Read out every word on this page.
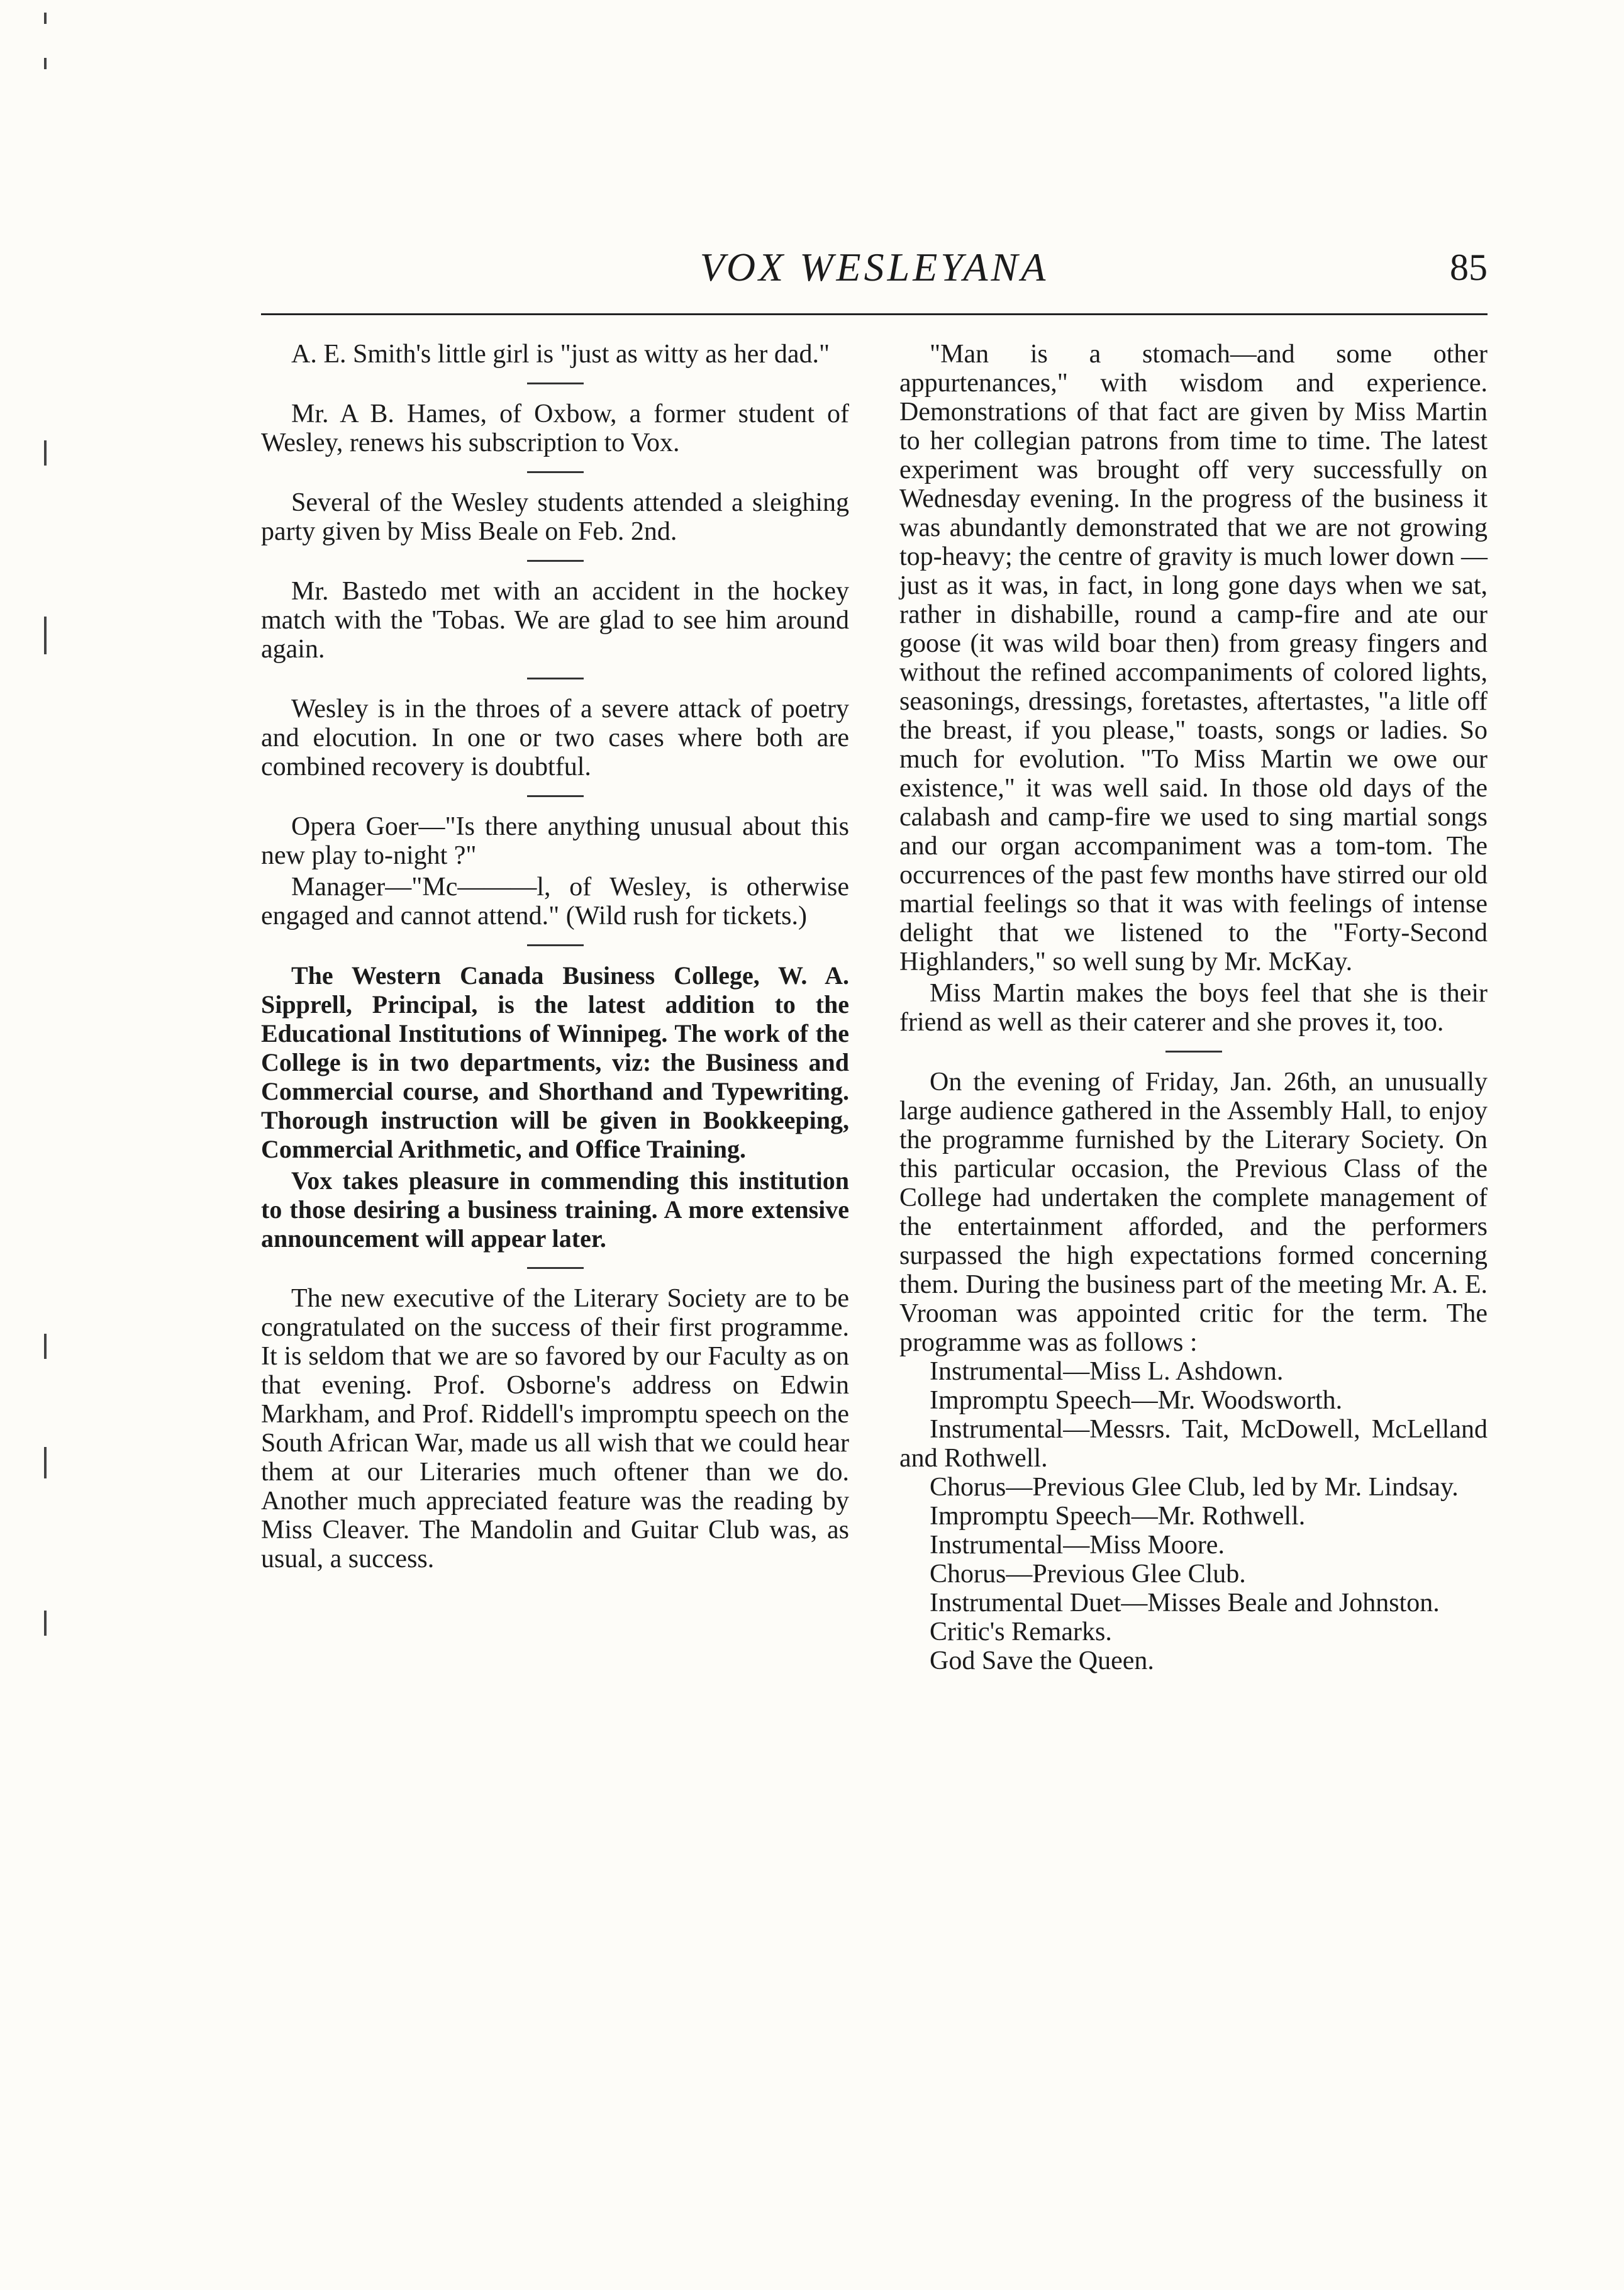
VOX WESLEYANA	85

A. E. Smith's little girl is "just as witty as her dad."

Mr. A B. Hames, of Oxbow, a former student of Wesley, renews his subscription to Vox.

Several of the Wesley students attended a sleighing party given by Miss Beale on Feb. 2nd.

Mr. Bastedo met with an accident in the hockey match with the 'Tobas. We are glad to see him around again.

Wesley is in the throes of a severe attack of poetry and elocution. In one or two cases where both are combined recovery is doubtful.

Opera Goer—"Is there anything unusual about this new play to-night ?"

Manager—"Mc———l, of Wesley, is otherwise engaged and cannot attend." (Wild rush for tickets.)

The Western Canada Business College, W. A. Sipprell, Principal, is the latest addition to the Educational Institutions of Winnipeg. The work of the College is in two departments, viz: the Business and Commercial course, and Shorthand and Typewriting. Thorough instruction will be given in Bookkeeping, Commercial Arithmetic, and Office Training.

Vox takes pleasure in commending this institution to those desiring a business training. A more extensive announcement will appear later.

The new executive of the Literary Society are to be congratulated on the success of their first programme. It is seldom that we are so favored by our Faculty as on that evening. Prof. Osborne's address on Edwin Markham, and Prof. Riddell's impromptu speech on the South African War, made us all wish that we could hear them at our Literaries much oftener than we do. Another much appreciated feature was the reading by Miss Cleaver. The Mandolin and Guitar Club was, as usual, a success.

"Man is a stomach—and some other appurtenances," with wisdom and experience. Demonstrations of that fact are given by Miss Martin to her collegian patrons from time to time. The latest experiment was brought off very successfully on Wednesday evening. In the progress of the business it was abundantly demonstrated that we are not growing top-heavy; the centre of gravity is much lower down —just as it was, in fact, in long gone days when we sat, rather in dishabille, round a camp-fire and ate our goose (it was wild boar then) from greasy fingers and without the refined accompaniments of colored lights, seasonings, dressings, foretastes, aftertastes, "a litle off the breast, if you please," toasts, songs or ladies. So much for evolution. "To Miss Martin we owe our existence," it was well said. In those old days of the calabash and camp-fire we used to sing martial songs and our organ accompaniment was a tom-tom. The occurrences of the past few months have stirred our old martial feelings so that it was with feelings of intense delight that we listened to the "Forty-Second Highlanders," so well sung by Mr. McKay.

Miss Martin makes the boys feel that she is their friend as well as their caterer and she proves it, too.

On the evening of Friday, Jan. 26th, an unusually large audience gathered in the Assembly Hall, to enjoy the programme furnished by the Literary Society. On this particular occasion, the Previous Class of the College had undertaken the complete management of the entertainment afforded, and the performers surpassed the high expectations formed concerning them. During the business part of the meeting Mr. A. E. Vrooman was appointed critic for the term. The programme was as follows :

Instrumental—Miss L. Ashdown.
Impromptu Speech—Mr. Woodsworth.
Instrumental—Messrs. Tait, McDowell, McLelland and Rothwell.
Chorus—Previous Glee Club, led by Mr. Lindsay.
Impromptu Speech—Mr. Rothwell.
Instrumental—Miss Moore.
Chorus—Previous Glee Club.
Instrumental Duet—Misses Beale and Johnston.
Critic's Remarks.
God Save the Queen.
